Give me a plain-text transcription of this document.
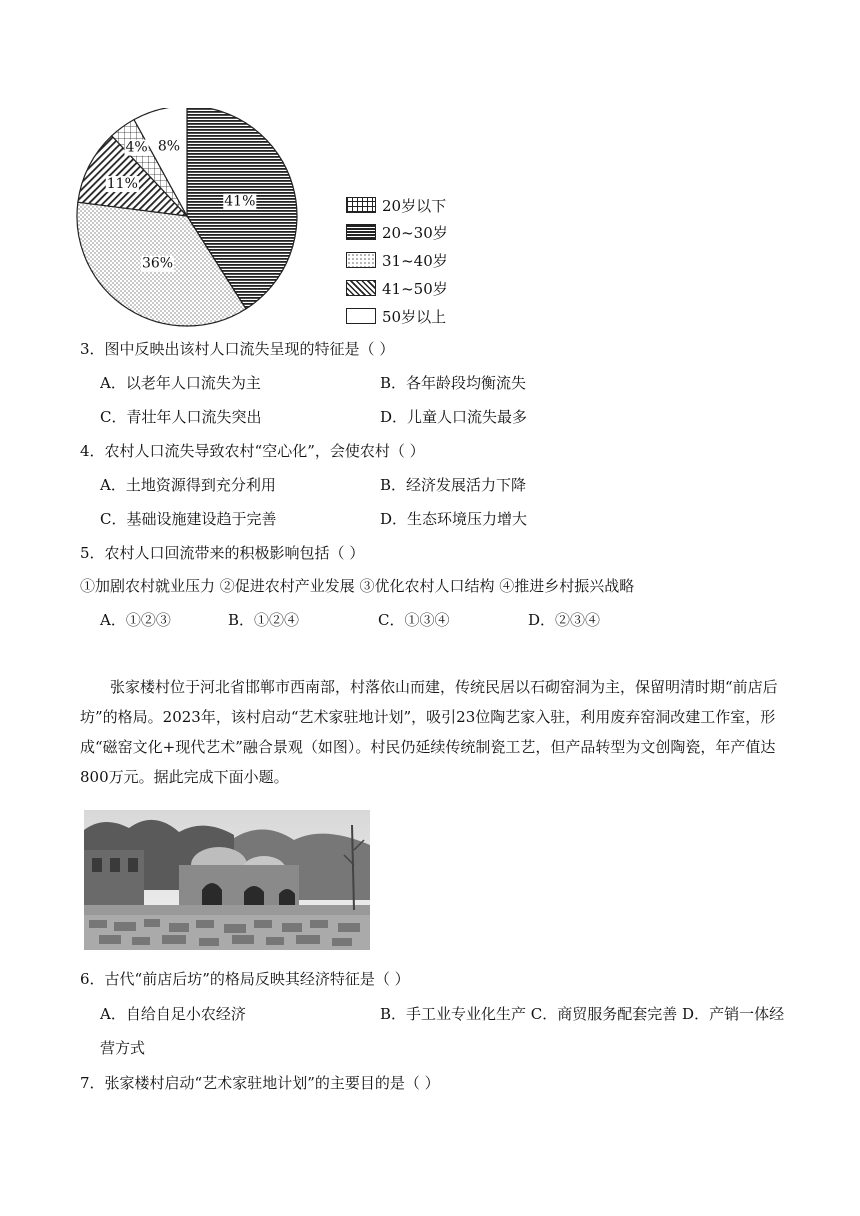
41%
36%
11%
4% 8%
20岁以下
20~30岁
31~40岁
41~50岁
50岁以上
3．图中反映出该村人口流失呈现的特征是（ ）
A．以老年人口流失为主	B．各年龄段均衡流失
C．青壮年人口流失突出	D．儿童人口流失最多
4．农村人口流失导致农村“空心化”，会使农村（ ）
A．土地资源得到充分利用	B．经济发展活力下降
C．基础设施建设趋于完善	D．生态环境压力增大
5．农村人口回流带来的积极影响包括（ ）
①加剧农村就业压力 ②促进农村产业发展 ③优化农村人口结构 ④推进乡村振兴战略
A．①②③	B．①②④	C．①③④	D．②③④
张家楼村位于河北省邯郸市西南部，村落依山而建，传统民居以石砌窑洞为主，保留明清时期“前店后坊”的格局。2023年，该村启动“艺术家驻地计划”，吸引23位陶艺家入驻，利用废弃窑洞改建工作室，形成“磁窑文化+现代艺术”融合景观（如图）。村民仍延续传统制瓷工艺，但产品转型为文创陶瓷，年产值达800万元。据此完成下面小题。
6．古代“前店后坊”的格局反映其经济特征是（ ）
A．自给自足小农经济	B．手工业专业化生产 C．商贸服务配套完善 D．产销一体经
营方式
7．张家楼村启动“艺术家驻地计划”的主要目的是（ ）
